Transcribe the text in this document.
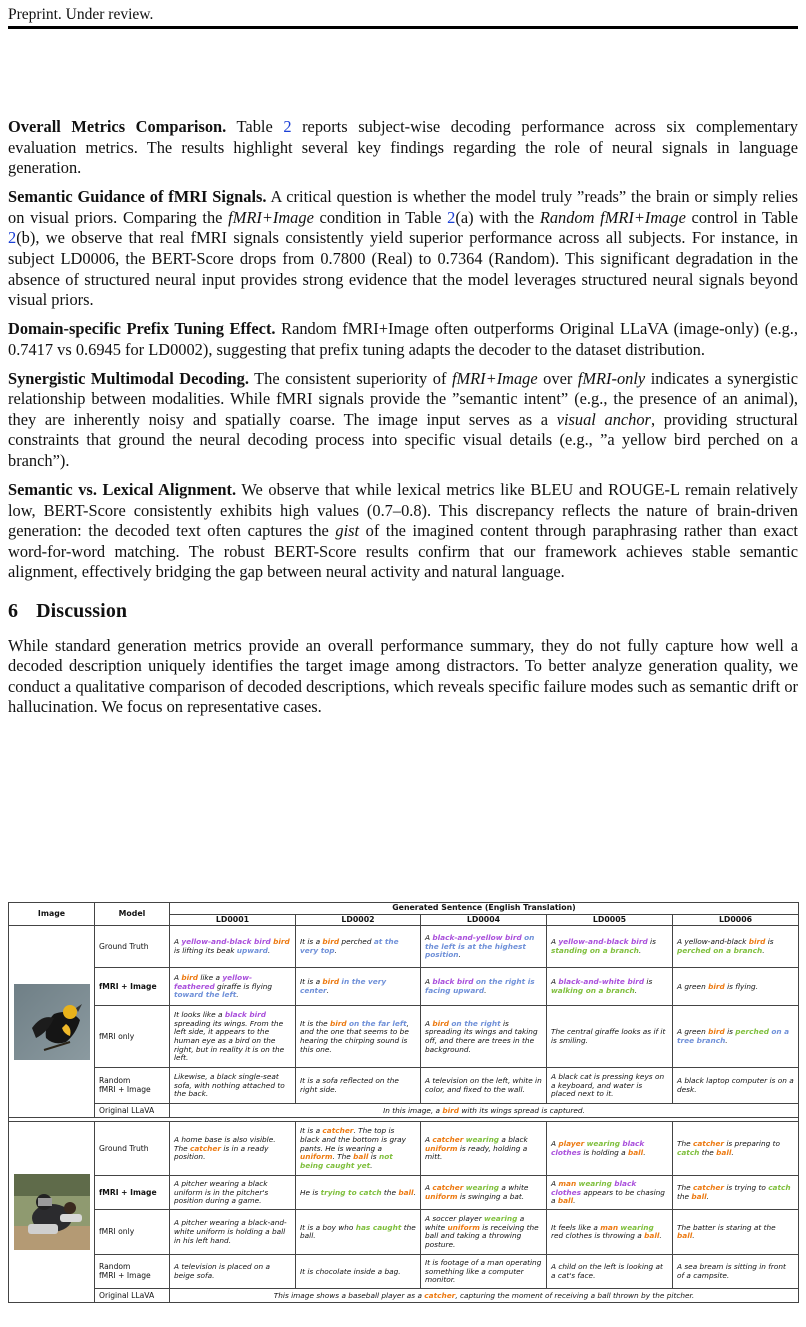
Preprint. Under review.

Overall Metrics Comparison. Table 2 reports subject-wise decoding performance across six complementary evaluation metrics. The results highlight several key findings regarding the role of neural signals in language generation.

Semantic Guidance of fMRI Signals. A critical question is whether the model truly ”reads” the brain or simply relies on visual priors. Comparing the fMRI+Image condition in Table 2(a) with the Random fMRI+Image control in Table 2(b), we observe that real fMRI signals consistently yield superior performance across all subjects. For instance, in subject LD0006, the BERT-Score drops from 0.7800 (Real) to 0.7364 (Random). This significant degradation in the absence of structured neural input provides strong evidence that the model leverages structured neural signals beyond visual priors.

Domain-specific Prefix Tuning Effect. Random fMRI+Image often outperforms Original LLaVA (image-only) (e.g., 0.7417 vs 0.6945 for LD0002), suggesting that prefix tuning adapts the decoder to the dataset distribution.

Synergistic Multimodal Decoding. The consistent superiority of fMRI+Image over fMRI-only indicates a synergistic relationship between modalities. While fMRI signals provide the ”semantic intent” (e.g., the presence of an animal), they are inherently noisy and spatially coarse. The image input serves as a visual anchor, providing structural constraints that ground the neural decoding process into specific visual details (e.g., ”a yellow bird perched on a branch”).

Semantic vs. Lexical Alignment. We observe that while lexical metrics like BLEU and ROUGE-L remain relatively low, BERT-Score consistently exhibits high values (0.7–0.8). This discrepancy reflects the nature of brain-driven generation: the decoded text often captures the gist of the imagined content through paraphrasing rather than exact word-for-word matching. The robust BERT-Score results confirm that our framework achieves stable semantic alignment, effectively bridging the gap between neural activity and natural language.

6 Discussion

While standard generation metrics provide an overall performance summary, they do not fully capture how well a decoded description uniquely identifies the target image among distractors. To better analyze generation quality, we conduct a qualitative comparison of decoded descriptions, which reveals specific failure modes such as semantic drift or hallucination. We focus on representative cases.

Image	Model	Generated Sentence (English Translation)				
		LD0001	LD0002	LD0004	LD0005	LD0006

	Ground Truth	A yellow-and-black bird bird is lifting its beak upward.	It is a bird perched at the very top.	A black-and-yellow bird on the left is at the highest position.	A yellow-and-black bird is standing on a branch.	A yellow-and-black bird is perched on a branch.
	fMRI + Image	A bird like a yellow-feathered giraffe is flying toward the left.	It is a bird in the very center.	A black bird on the right is facing upward.	A black-and-white bird is walking on a branch.	A green bird is flying.
	fMRI only	It looks like a black bird spreading its wings. From the left side, it appears to the human eye as a bird on the right, but in reality it is on the left.	It is the bird on the far left, and the one that seems to be hearing the chirping sound is this one.	A bird on the right is spreading its wings and taking off, and there are trees in the background.	The central giraffe looks as if it is smiling.	A green bird is perched on a tree branch.
	Random
fMRI + Image	Likewise, a black single-seat sofa, with nothing attached to the back.	It is a sofa reflected on the right side.	A television on the left, white in color, and fixed to the wall.	A black cat is pressing keys on a keyboard, and water is placed next to it.	A black laptop computer is on a desk.
	Original LLaVA	In this image, a bird with its wings spread is captured.				

	Ground Truth	A home base is also visible. The catcher is in a ready position.	It is a catcher. The top is black and the bottom is gray pants. He is wearing a uniform. The ball is not being caught yet.	A catcher wearing a black uniform is ready, holding a mitt.	A player wearing black clothes is holding a ball.	The catcher is preparing to catch the ball.
	fMRI + Image	A pitcher wearing a black uniform is in the pitcher's position during a game.	He is trying to catch the ball.	A catcher wearing a white uniform is swinging a bat.	A man wearing black clothes appears to be chasing a ball.	The catcher is trying to catch the ball.
	fMRI only	A pitcher wearing a black-and-white uniform is holding a ball in his left hand.	It is a boy who has caught the ball.	A soccer player wearing a white uniform is receiving the ball and taking a throwing posture.	It feels like a man wearing red clothes is throwing a ball.	The batter is staring at the ball.
	Random
fMRI + Image	A television is placed on a beige sofa.	It is chocolate inside a bag.	It is footage of a man operating something like a computer monitor.	A child on the left is looking at a cat's face.	A sea bream is sitting in front of a campsite.
	Original LLaVA	This image shows a baseball player as a catcher, capturing the moment of receiving a ball thrown by the pitcher.				
